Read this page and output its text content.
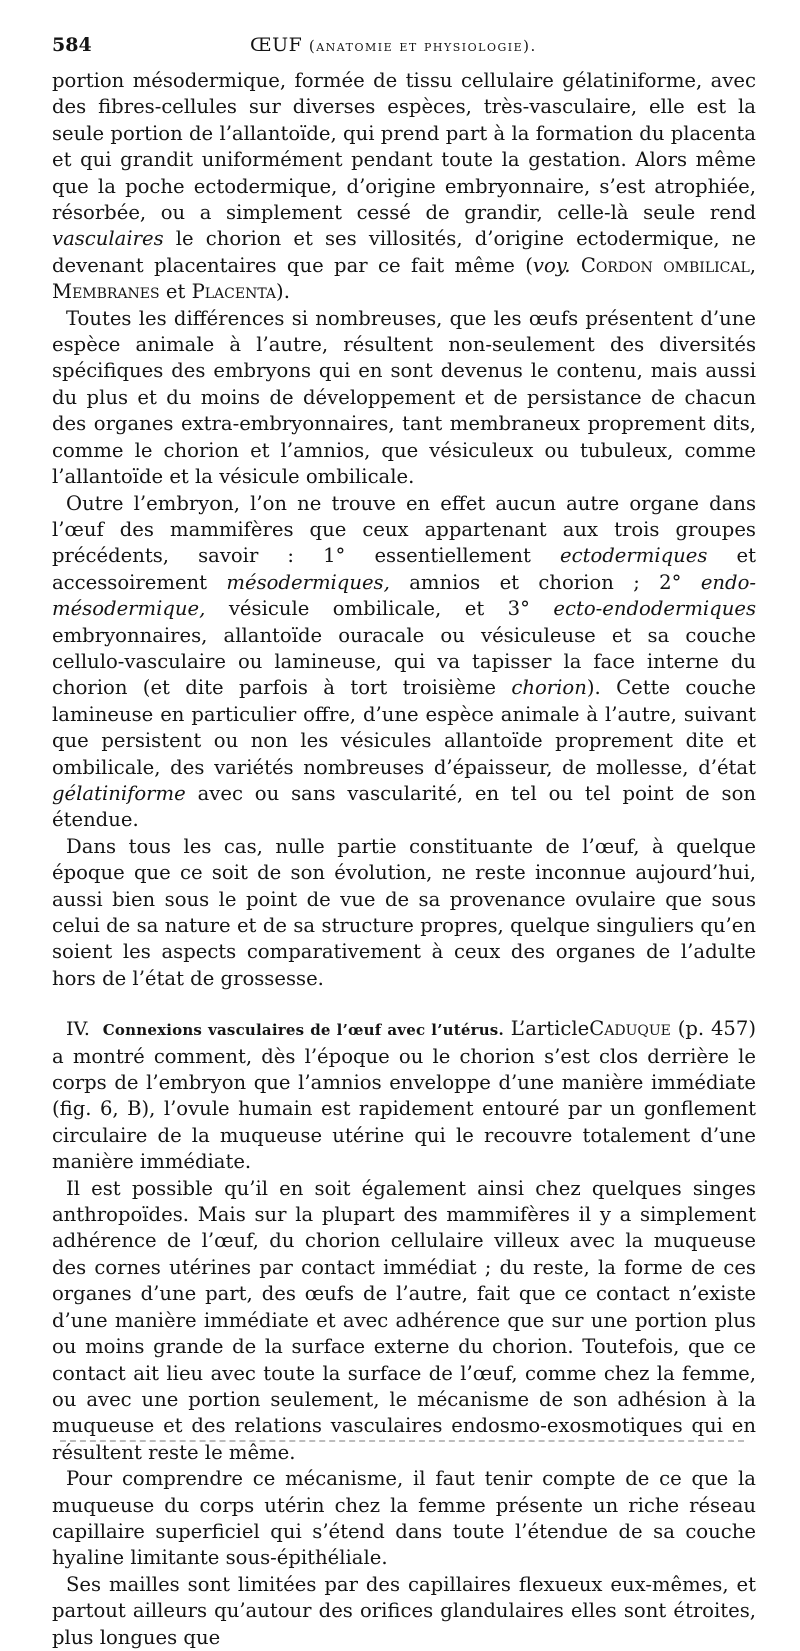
584	ŒUF (anatomie et physiologie).

portion mésodermique, formée de tissu cellulaire gélatiniforme, avec des fibres-cellules sur diverses espèces, très-vasculaire, elle est la seule portion de l’allantoïde, qui prend part à la formation du placenta et qui grandit uniformément pendant toute la gestation. Alors même que la poche ectodermique, d’origine embryonnaire, s’est atrophiée, résorbée, ou a simplement cessé de grandir, celle-là seule rend vasculaires le chorion et ses villosités, d’origine ectodermique, ne devenant placentaires que par ce fait même (voy. Cordon ombilical, Membranes et Placenta).

Toutes les différences si nombreuses, que les œufs présentent d’une espèce animale à l’autre, résultent non-seulement des diversités spécifiques des embryons qui en sont devenus le contenu, mais aussi du plus et du moins de développement et de persistance de chacun des organes extra-embryonnaires, tant membraneux proprement dits, comme le chorion et l’amnios, que vésiculeux ou tubuleux, comme l’allantoïde et la vésicule ombilicale.

Outre l’embryon, l’on ne trouve en effet aucun autre organe dans l’œuf des mammifères que ceux appartenant aux trois groupes précédents, savoir : 1° essentiellement ectodermiques et accessoirement mésodermiques, amnios et chorion ; 2° endo-mésodermique, vésicule ombilicale, et 3° ecto-endodermiques embryonnaires, allantoïde ouracale ou vésiculeuse et sa couche cellulo-vasculaire ou lamineuse, qui va tapisser la face interne du chorion (et dite parfois à tort troisième chorion). Cette couche lamineuse en particulier offre, d’une espèce animale à l’autre, suivant que persistent ou non les vésicules allantoïde proprement dite et ombilicale, des variétés nombreuses d’épaisseur, de mollesse, d’état gélatiniforme avec ou sans vascularité, en tel ou tel point de son étendue.

Dans tous les cas, nulle partie constituante de l’œuf, à quelque époque que ce soit de son évolution, ne reste inconnue aujourd’hui, aussi bien sous le point de vue de sa provenance ovulaire que sous celui de sa nature et de sa structure propres, quelque singuliers qu’en soient les aspects comparativement à ceux des organes de l’adulte hors de l’état de grossesse.

IV. Connexions vasculaires de l’œuf avec l’utérus. L’articleCaduque (p. 457) a montré comment, dès l’époque ou le chorion s’est clos derrière le corps de l’embryon que l’amnios enveloppe d’une manière immédiate (fig. 6, B), l’ovule humain est rapidement entouré par un gonflement circulaire de la muqueuse utérine qui le recouvre totalement d’une manière immédiate.

Il est possible qu’il en soit également ainsi chez quelques singes anthropoïdes. Mais sur la plupart des mammifères il y a simplement adhérence de l’œuf, du chorion cellulaire villeux avec la muqueuse des cornes utérines par contact immédiat ; du reste, la forme de ces organes d’une part, des œufs de l’autre, fait que ce contact n’existe d’une manière immédiate et avec adhérence que sur une portion plus ou moins grande de la surface externe du chorion. Toutefois, que ce contact ait lieu avec toute la surface de l’œuf, comme chez la femme, ou avec une portion seulement, le mécanisme de son adhésion à la muqueuse et des relations vasculaires endosmo-exosmotiques qui en résultent reste le même.

Pour comprendre ce mécanisme, il faut tenir compte de ce que la muqueuse du corps utérin chez la femme présente un riche réseau capillaire superficiel qui s’étend dans toute l’étendue de sa couche hyaline limitante sous-épithéliale.

Ses mailles sont limitées par des capillaires flexueux eux-mêmes, et partout ailleurs qu’autour des orifices glandulaires elles sont étroites, plus longues que
